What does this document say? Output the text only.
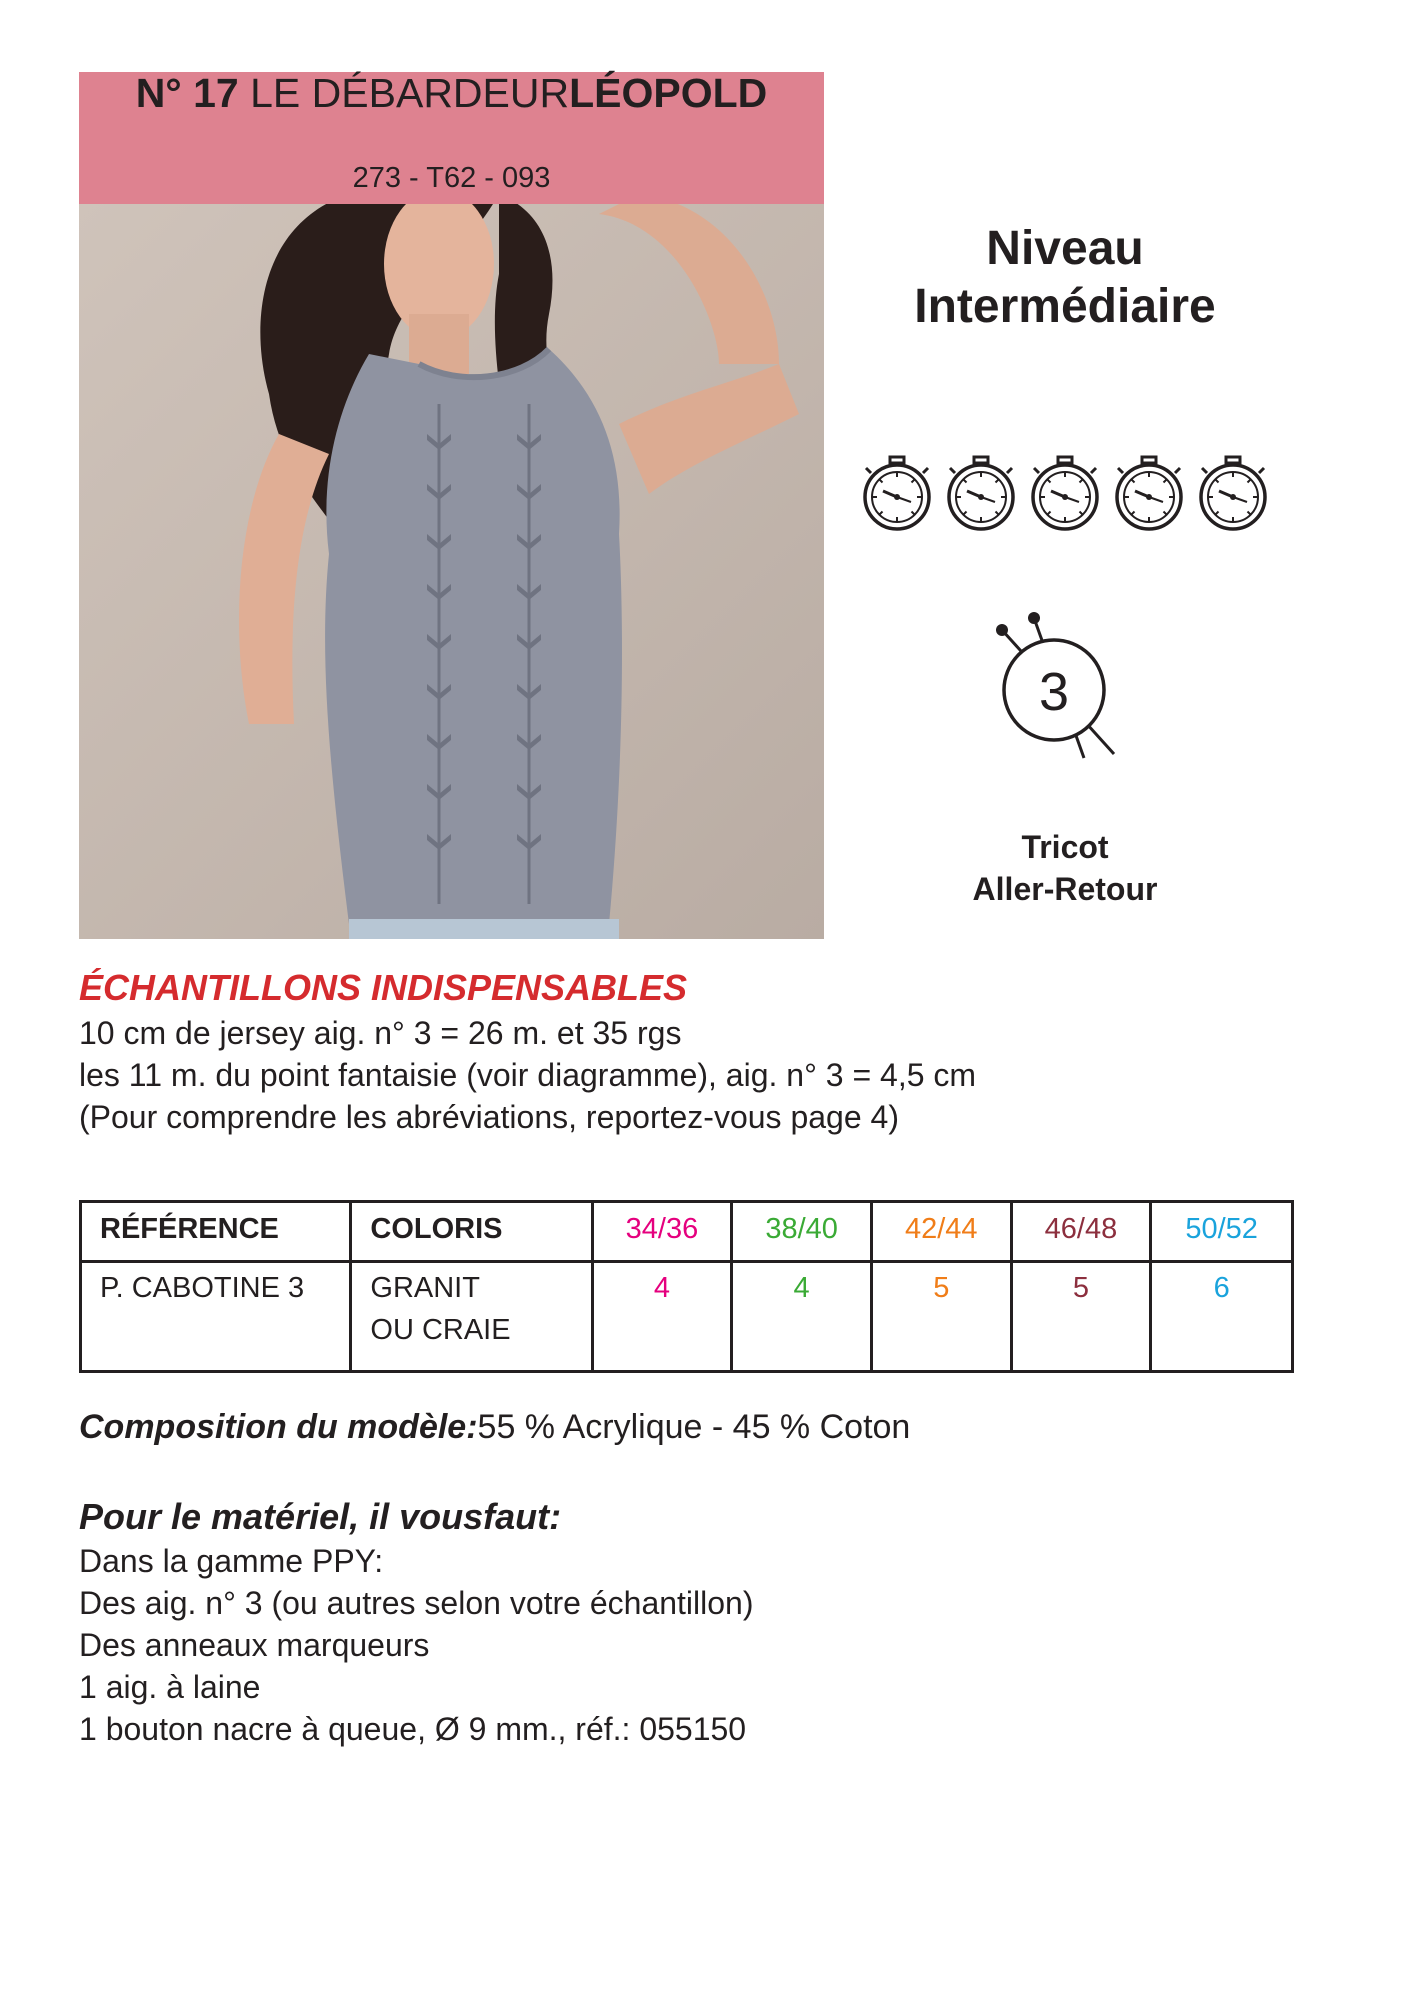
N° 17 LE DÉBARDEURLÉOPOLD
273 - T62 - 093
Niveau
Intermédiaire
3
Tricot
Aller-Retour
ÉCHANTILLONS INDISPENSABLES
10 cm de jersey aig. n° 3 = 26 m. et 35 rgs
les 11 m. du point fantaisie (voir diagramme), aig. n° 3 = 4,5 cm
(Pour comprendre les abréviations, reportez-vous page 4)
RÉFÉRENCE	COLORIS	34/36	38/40	42/44	46/48	50/52
P. CABOTINE 3	GRANIT
OU CRAIE	4	4	5	5	6
Composition du modèle:55 % Acrylique - 45 % Coton
Pour le matériel, il vousfaut:
Dans la gamme PPY:
Des aig. n° 3 (ou autres selon votre échantillon)
Des anneaux marqueurs
1 aig. à laine
1 bouton nacre à queue, Ø 9 mm., réf.: 055150
